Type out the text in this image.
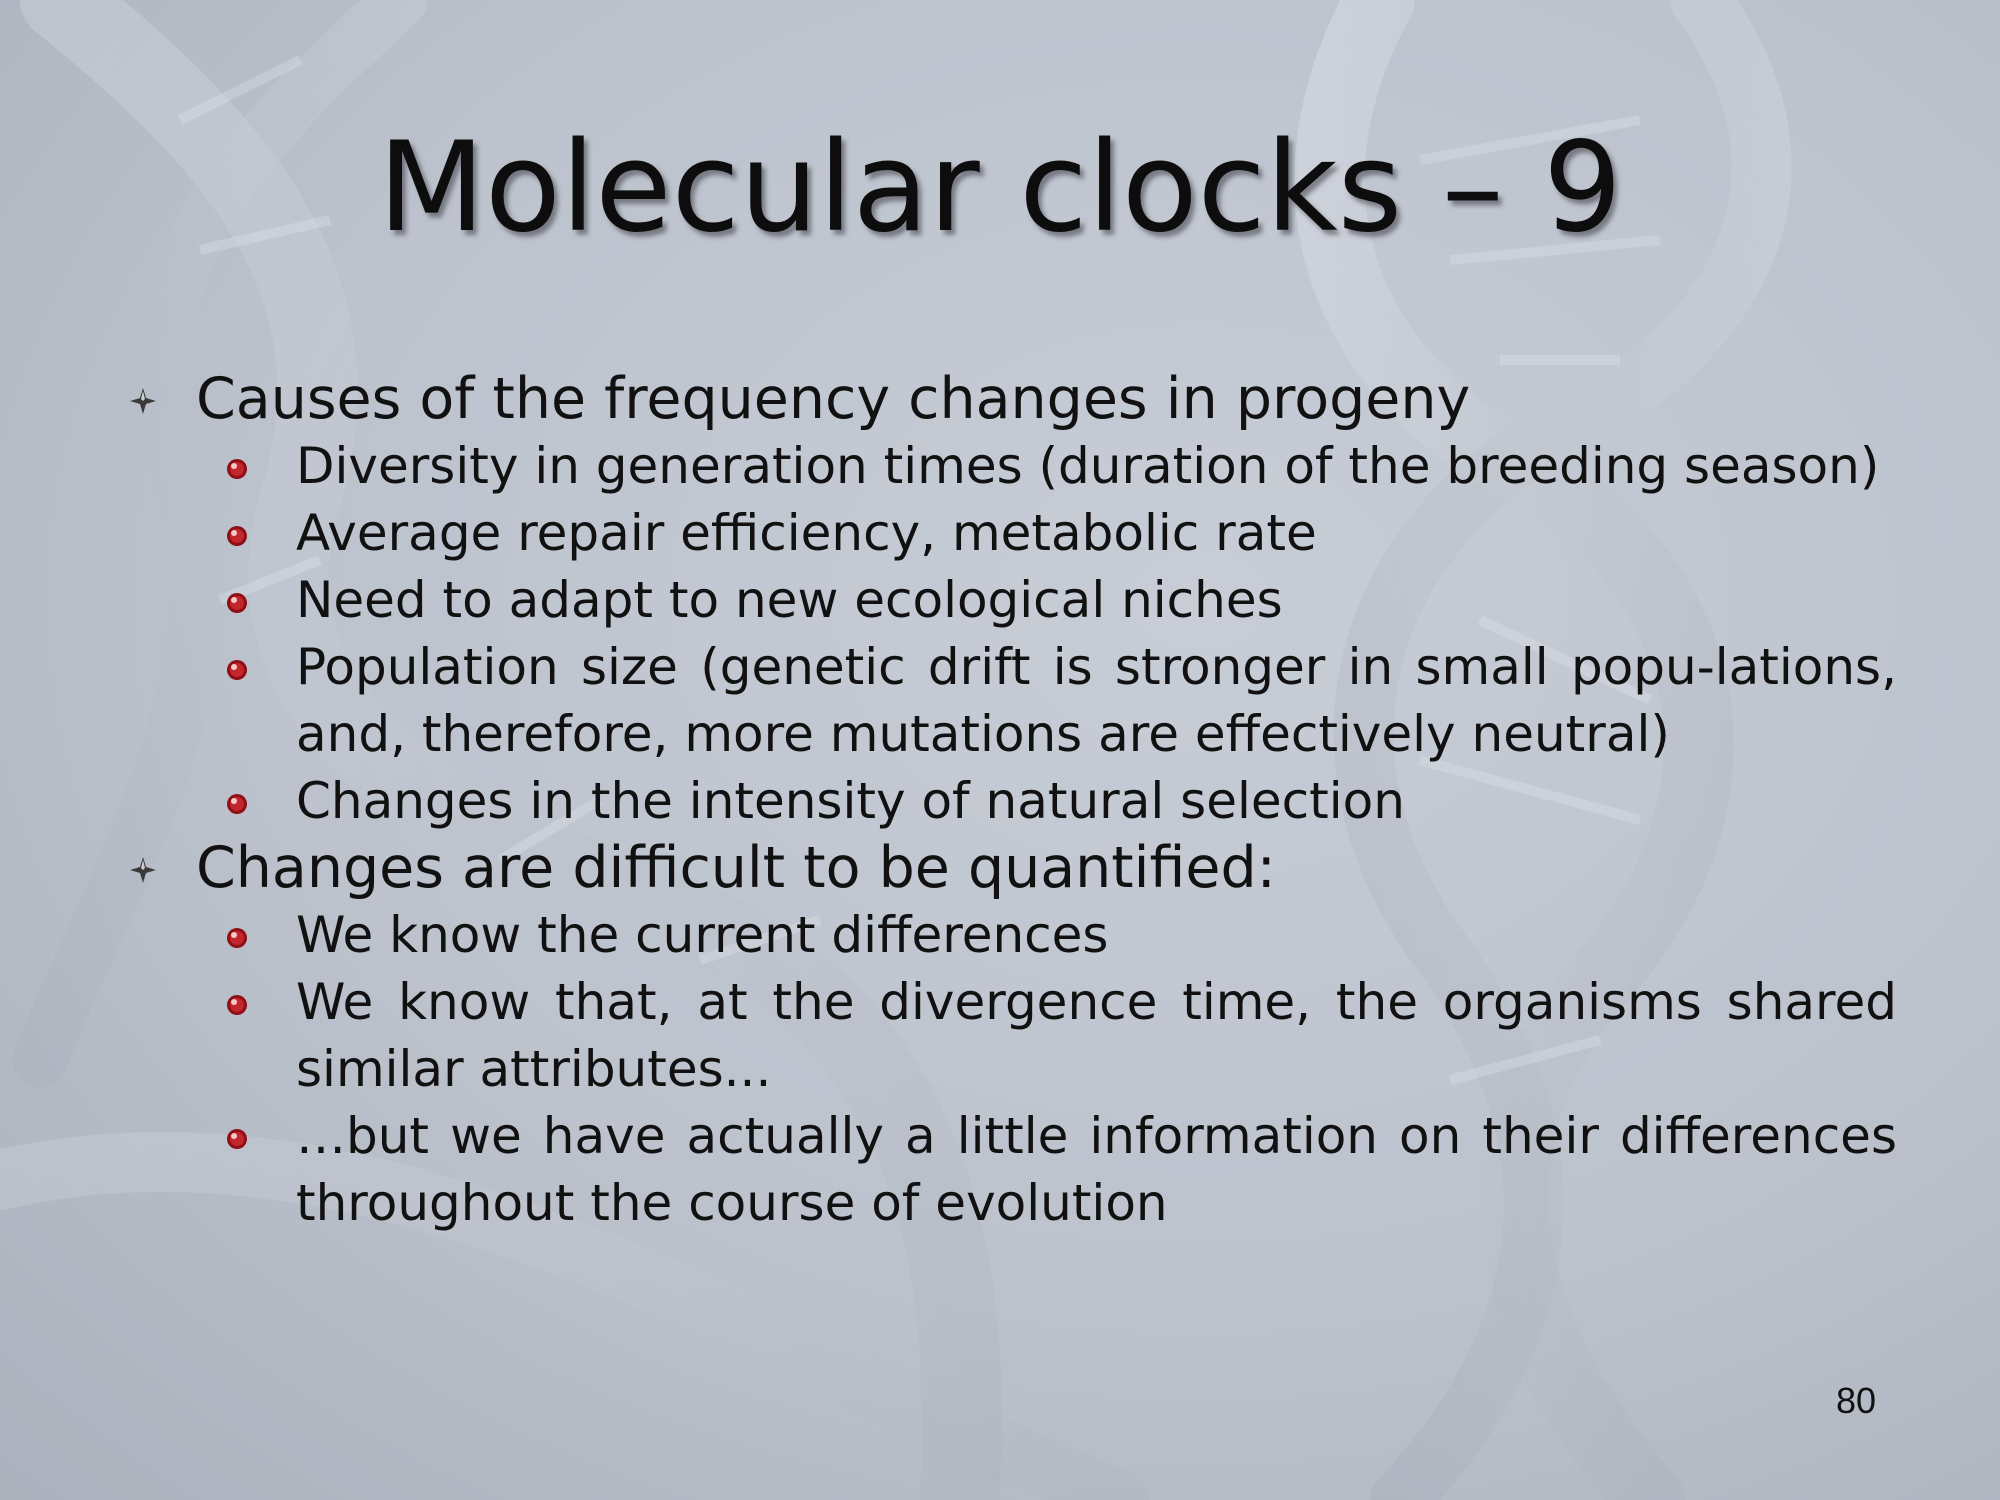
Molecular clocks – 9
Causes of the frequency changes in progeny
Diversity in generation times (duration of the breeding season)
Average repair efficiency, metabolic rate
Need to adapt to new ecological niches
Population size (genetic drift is stronger in small popu-lations, and, therefore, more mutations are effectively neutral)
Changes in the intensity of natural selection
Changes are difficult to be quantified:
We know the current differences
We know that, at the divergence time, the organisms shared similar attributes...
…but we have actually a little information on their differences throughout the course of evolution
80
